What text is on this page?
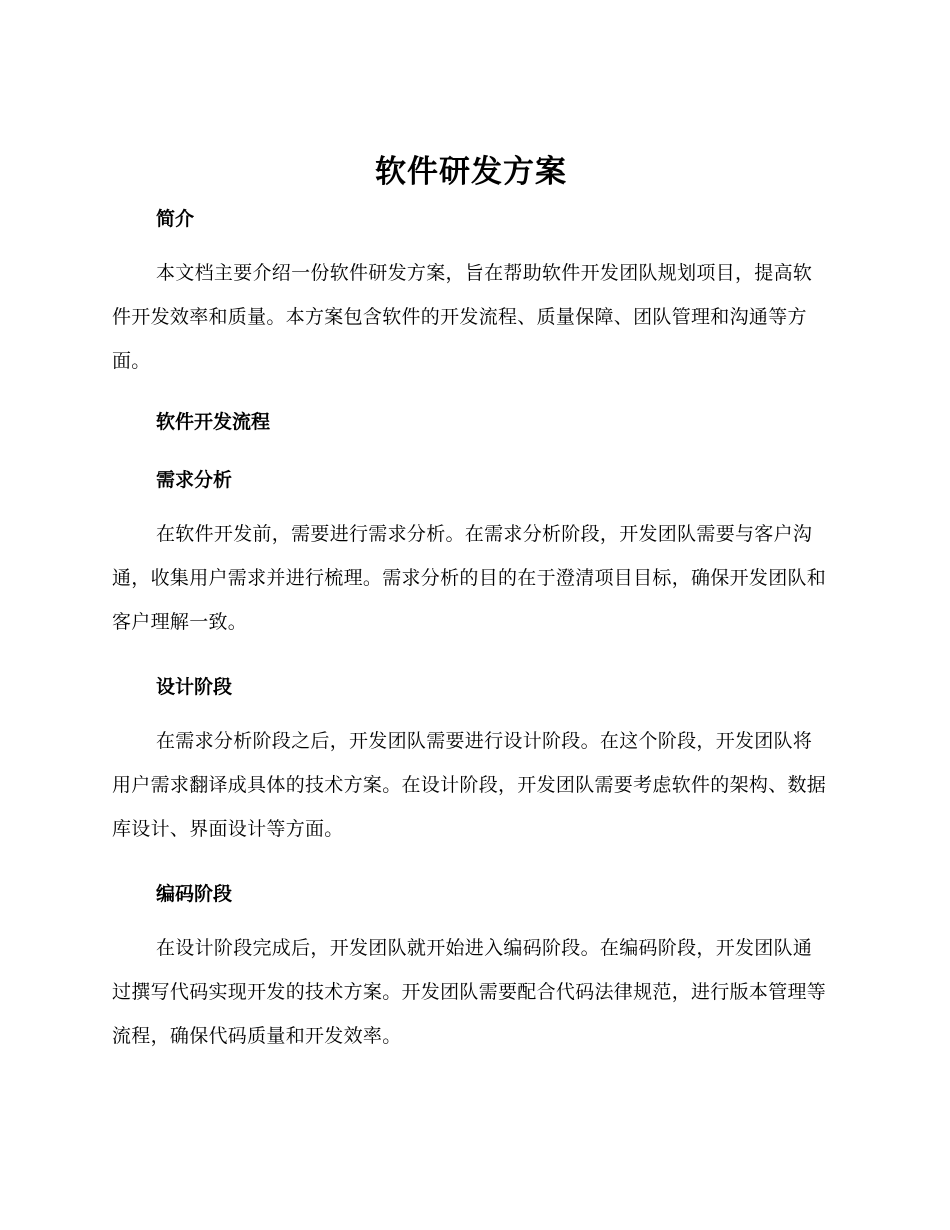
软件研发方案

简介

本文档主要介绍一份软件研发方案，旨在帮助软件开发团队规划项目，提高软件开发效率和质量。本方案包含软件的开发流程、质量保障、团队管理和沟通等方面。

软件开发流程

需求分析

在软件开发前，需要进行需求分析。在需求分析阶段，开发团队需要与客户沟通，收集用户需求并进行梳理。需求分析的目的在于澄清项目目标，确保开发团队和客户理解一致。

设计阶段

在需求分析阶段之后，开发团队需要进行设计阶段。在这个阶段，开发团队将用户需求翻译成具体的技术方案。在设计阶段，开发团队需要考虑软件的架构、数据库设计、界面设计等方面。

编码阶段

在设计阶段完成后，开发团队就开始进入编码阶段。在编码阶段，开发团队通过撰写代码实现开发的技术方案。开发团队需要配合代码法律规范，进行版本管理等流程，确保代码质量和开发效率。
